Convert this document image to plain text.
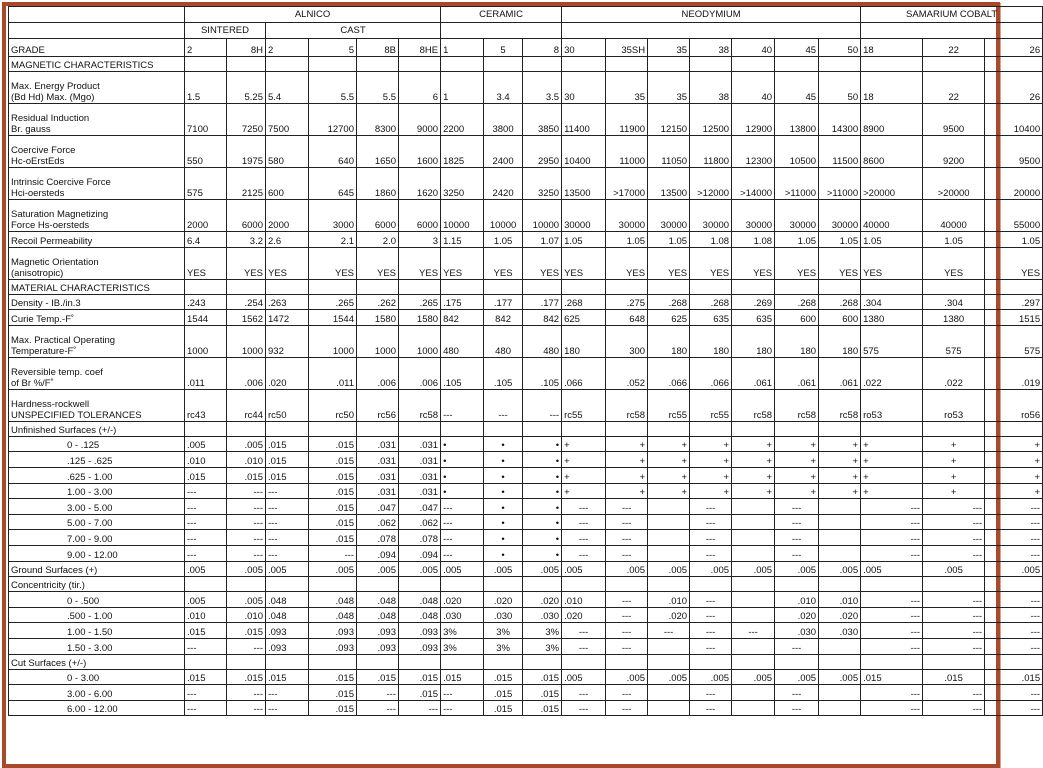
	ALNICO						CERAMIC			NEODYMIUM							SAMARIUM COBALT		
	SINTERED		CAST																
GRADE	2	8H	2	5	8B	8HE	1	5	8	30	35SH	35	38	40	45	50	18	22	26
MAGNETIC CHARACTERISTICS																			

Max. Energy Product
(Bd Hd) Max. (Mgo)	1.5	5.25	5.4	5.5	5.5	6	1	3.4	3.5	30	35	35	38	40	45	50	18	22	26

Residual Induction
Br. gauss	7100	7250	7500	12700	8300	9000	2200	3800	3850	11400	11900	12150	12500	12900	13800	14300	8900	9500	10400

Coercive Force
Hc-oErstEds	550	1975	580	640	1650	1600	1825	2400	2950	10400	11000	11050	11800	12300	10500	11500	8600	9200	9500

Intrinsic Coercive Force
Hci-oersteds	575	2125	600	645	1860	1620	3250	2420	3250	13500	>17000	13500	>12000	>14000	>11000	>11000	>20000	>20000	20000

Saturation Magnetizing
Force Hs-oersteds	2000	6000	2000	3000	6000	6000	10000	10000	10000	30000	30000	30000	30000	30000	30000	30000	40000	40000	55000

Recoil Permeability	6.4	3.2	2.6	2.1	2.0	3	1.15	1.05	1.07	1.05	1.05	1.05	1.08	1.08	1.05	1.05	1.05	1.05	1.05

Magnetic Orientation
(anisotropic)	YES	YES	YES	YES	YES	YES	YES	YES	YES	YES	YES	YES	YES	YES	YES	YES	YES	YES	YES
MATERIAL CHARACTERISTICS																			

Density - IB./in.3	.243	.254	.263	.265	.262	.265	.175	.177	.177	.268	.275	.268	.268	.269	.268	.268	.304	.304	.297

Curie Temp.-F˚	1544	1562	1472	1544	1580	1580	842	842	842	625	648	625	635	635	600	600	1380	1380	1515

Max. Practical Operating
Temperature-F˚	1000	1000	932	1000	1000	1000	480	480	480	180	300	180	180	180	180	180	575	575	575

Reversible temp. coef
of Br %/F˚	.011	.006	.020	.011	.006	.006	.105	.105	.105	.066	.052	.066	.066	.061	.061	.061	.022	.022	.019

Hardness-rockwell
UNSPECIFIED TOLERANCES	rc43	rc44	rc50	rc50	rc56	rc58	---	---	---	rc55	rc58	rc55	rc55	rc58	rc58	rc58	ro53	ro53	ro56
Unfinished Surfaces (+/-)																			

0 - .125	.005	.005	.015	.015	.031	.031	•	•	•	+	+	+	+	+	+	+	+	+	+

.125 - .625	.010	.010	.015	.015	.031	.031	•	•	•	+	+	+	+	+	+	+	+	+	+

.625 - 1.00	.015	.015	.015	.015	.031	.031	•	•	•	+	+	+	+	+	+	+	+	+	+

1.00 - 3.00	---	---	---	.015	.031	.031	•	•	•	+	+	+	+	+	+	+	+	+	+

3.00 - 5.00	---	---	---	.015	.047	.047	---	•	•	---	---		---		---		---	---	---

5.00 - 7.00	---	---	---	.015	.062	.062	---	•	•	---	---		---		---		---	---	---

7.00 - 9.00	---	---	---	.015	.078	.078	---	•	•	---	---		---		---		---	---	---

9.00 - 12.00	---	---	---	---	.094	.094	---	•	•	---	---		---		---		---	---	---

Ground Surfaces (+)	.005	.005	.005	.005	.005	.005	.005	.005	.005	.005	.005	.005	.005	.005	.005	.005	.005	.005	.005
Concentricity (tir.)																			

0 - .500	.005	.005	.048	.048	.048	.048	.020	.020	.020	.010	---	.010	---		.010	.010	---	---	---

.500 - 1.00	.010	.010	.048	.048	.048	.048	.030	.030	.030	.020	---	.020	---		.020	.020	---	---	---

1.00 - 1.50	.015	.015	.093	.093	.093	.093	3%	3%	3%	---	---	---	---	---	.030	.030	---	---	---

1.50 - 3.00	---	---	.093	.093	.093	.093	3%	3%	3%	---	---		---		---		---	---	---
Cut Surfaces (+/-)																			

0 - 3.00	.015	.015	.015	.015	.015	.015	.015	.015	.015	.005	.005	.005	.005	.005	.005	.005	.015	.015	.015

3.00 - 6.00	---	---	---	.015	---	.015	---	.015	.015	---	---		---		---		---	---	---

6.00 - 12.00	---	---	---	.015	---	---	---	.015	.015	---	---		---		---		---	---	---
